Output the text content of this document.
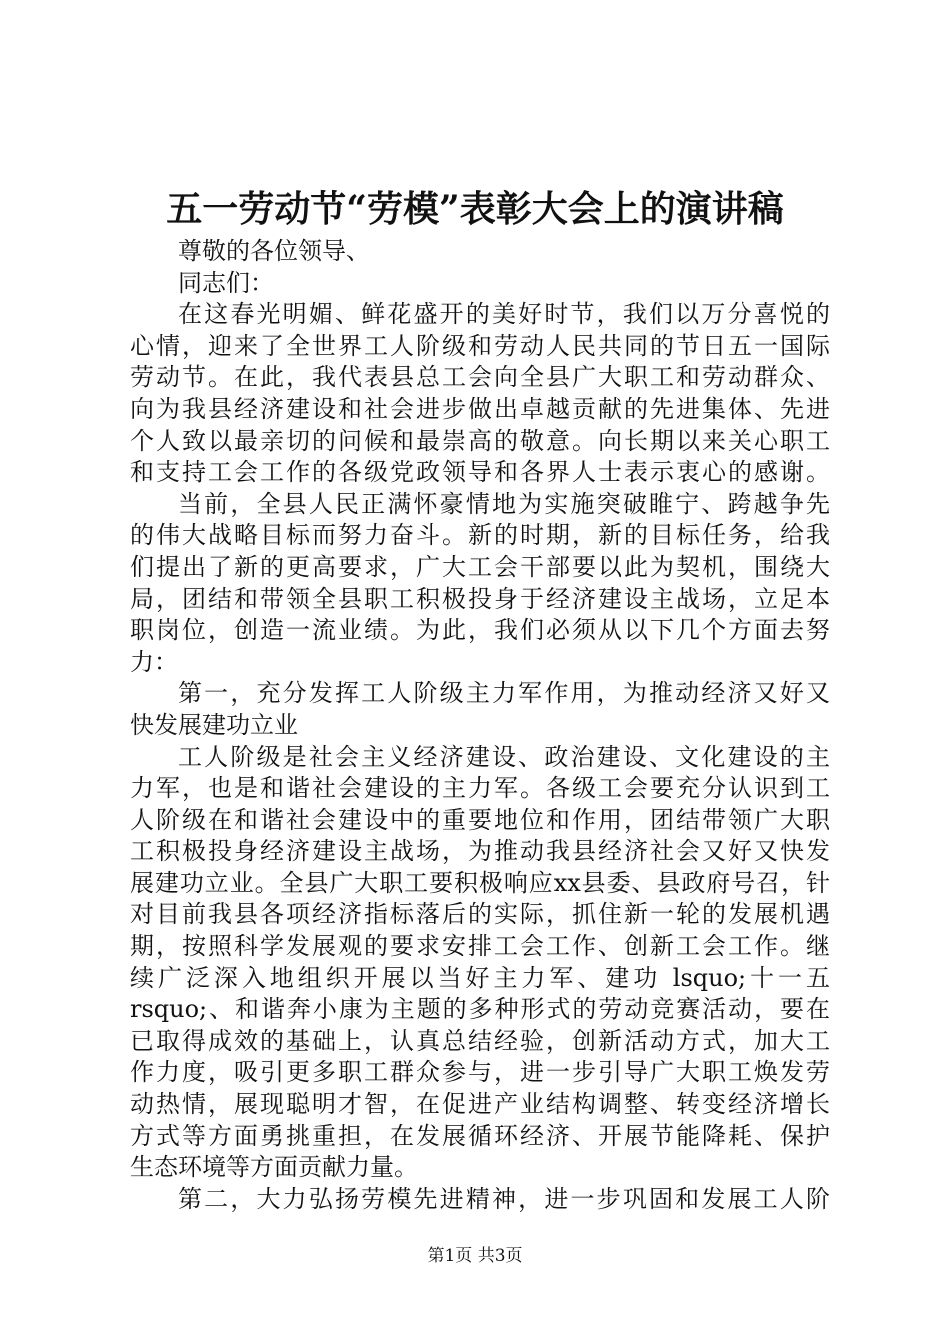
五一劳动节“劳模”表彰大会上的演讲稿
尊敬的各位领导、
同志们：
在这春光明媚、鲜花盛开的美好时节，我们以万分喜悦的
心情，迎来了全世界工人阶级和劳动人民共同的节日五一国际
劳动节。在此，我代表县总工会向全县广大职工和劳动群众、
向为我县经济建设和社会进步做出卓越贡献的先进集体、先进
个人致以最亲切的问候和最崇高的敬意。向长期以来关心职工
和支持工会工作的各级党政领导和各界人士表示衷心的感谢。
当前，全县人民正满怀豪情地为实施突破睢宁、跨越争先
的伟大战略目标而努力奋斗。新的时期，新的目标任务，给我
们提出了新的更高要求，广大工会干部要以此为契机，围绕大
局，团结和带领全县职工积极投身于经济建设主战场，立足本
职岗位，创造一流业绩。为此，我们必须从以下几个方面去努
力：
第一，充分发挥工人阶级主力军作用，为推动经济又好又
快发展建功立业
工人阶级是社会主义经济建设、政治建设、文化建设的主
力军，也是和谐社会建设的主力军。各级工会要充分认识到工
人阶级在和谐社会建设中的重要地位和作用，团结带领广大职
工积极投身经济建设主战场，为推动我县经济社会又好又快发
展建功立业。全县广大职工要积极响应xx县委、县政府号召，针
对目前我县各项经济指标落后的实际，抓住新一轮的发展机遇
期，按照科学发展观的要求安排工会工作、创新工会工作。继
续广泛深入地组织开展以当好主力军、建功 lsquo;十一五
rsquo;、和谐奔小康为主题的多种形式的劳动竞赛活动，要在
已取得成效的基础上，认真总结经验，创新活动方式，加大工
作力度，吸引更多职工群众参与，进一步引导广大职工焕发劳
动热情，展现聪明才智，在促进产业结构调整、转变经济增长
方式等方面勇挑重担，在发展循环经济、开展节能降耗、保护
生态环境等方面贡献力量。
第二，大力弘扬劳模先进精神，进一步巩固和发展工人阶
第1页 共3页
